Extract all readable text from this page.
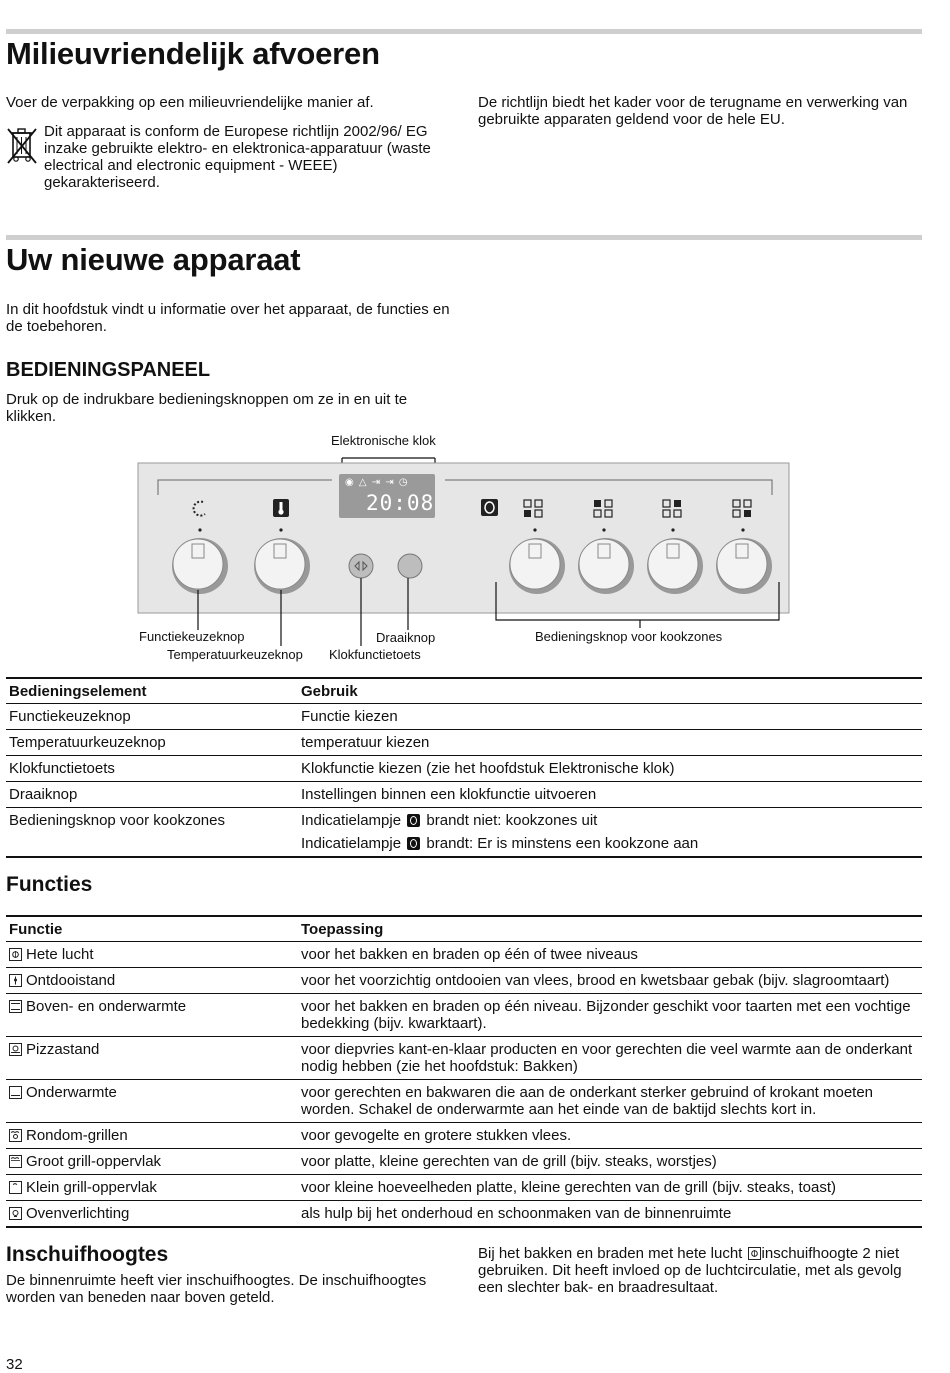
Milieuvriendelijk afvoeren

Voer de verpakking op een milieuvriendelijke manier af.

Dit apparaat is conform de Europese richtlijn 2002/96/ EG inzake gebruikte elektro- en elektronica-apparatuur (waste electrical and electronic equipment - WEEE) gekarakteriseerd.

De richtlijn biedt het kader voor de terugname en verwerking van gebruikte apparaten geldend voor de hele EU.

Uw nieuwe apparaat

In dit hoofdstuk vindt u informatie over het apparaat, de functies en de toebehoren.

BEDIENINGSPANEEL

Druk op de indrukbare bedieningsknoppen om ze in en uit te klikken.

◉ △ ⇥ ⇥ ◷
20:08
Elektronische klok
Functiekeuzeknop
Temperatuurkeuzeknop
Draaiknop
Klokfunctietoets
Bedieningsknop voor kookzones
Bedieningselement	Gebruik
Functiekeuzeknop	Functie kiezen
Temperatuurkeuzeknop	temperatuur kiezen
Klokfunctietoets	Klokfunctie kiezen (zie het hoofdstuk Elektronische klok)
Draaiknop	Instellingen binnen een klokfunctie uitvoeren
Bedieningsknop voor kookzones	Indicatielampje brandt niet: kookzones uit
	Indicatielampje brandt: Er is minstens een kookzone aan
Functies
Functie	Toepassing

Hete lucht	voor het bakken en braden op één of twee niveaus

Ontdooistand	voor het voorzichtig ontdooien van vlees, brood en kwetsbaar gebak (bijv. slagroomtaart)

Boven- en onderwarmte	voor het bakken en braden op één niveau. Bijzonder geschikt voor taarten met een vochtige bedekking (bijv. kwarktaart).

Pizzastand	voor diepvries kant-en-klaar producten en voor gerechten die veel warmte aan de onderkant nodig hebben (zie het hoofdstuk: Bakken)

Onderwarmte	voor gerechten en bakwaren die aan de onderkant sterker gebruind of krokant moeten worden. Schakel de onderwarmte aan het einde van de baktijd slechts kort in.

Rondom-grillen	voor gevogelte en grotere stukken vlees.

Groot grill-oppervlak	voor platte, kleine gerechten van de grill (bijv. steaks, worstjes)

Klein grill-oppervlak	voor kleine hoeveelheden platte, kleine gerechten van de grill (bijv. steaks, toast)

Ovenverlichting	als hulp bij het onderhoud en schoonmaken van de binnenruimte
Inschuifhoogtes

De binnenruimte heeft vier inschuifhoogtes. De inschuifhoogtes worden van beneden naar boven geteld.

Bij het bakken en braden met hete lucht inschuifhoogte 2 niet gebruiken. Dit heeft invloed op de luchtcirculatie, met als gevolg een slechter bak- en braadresultaat.

32
